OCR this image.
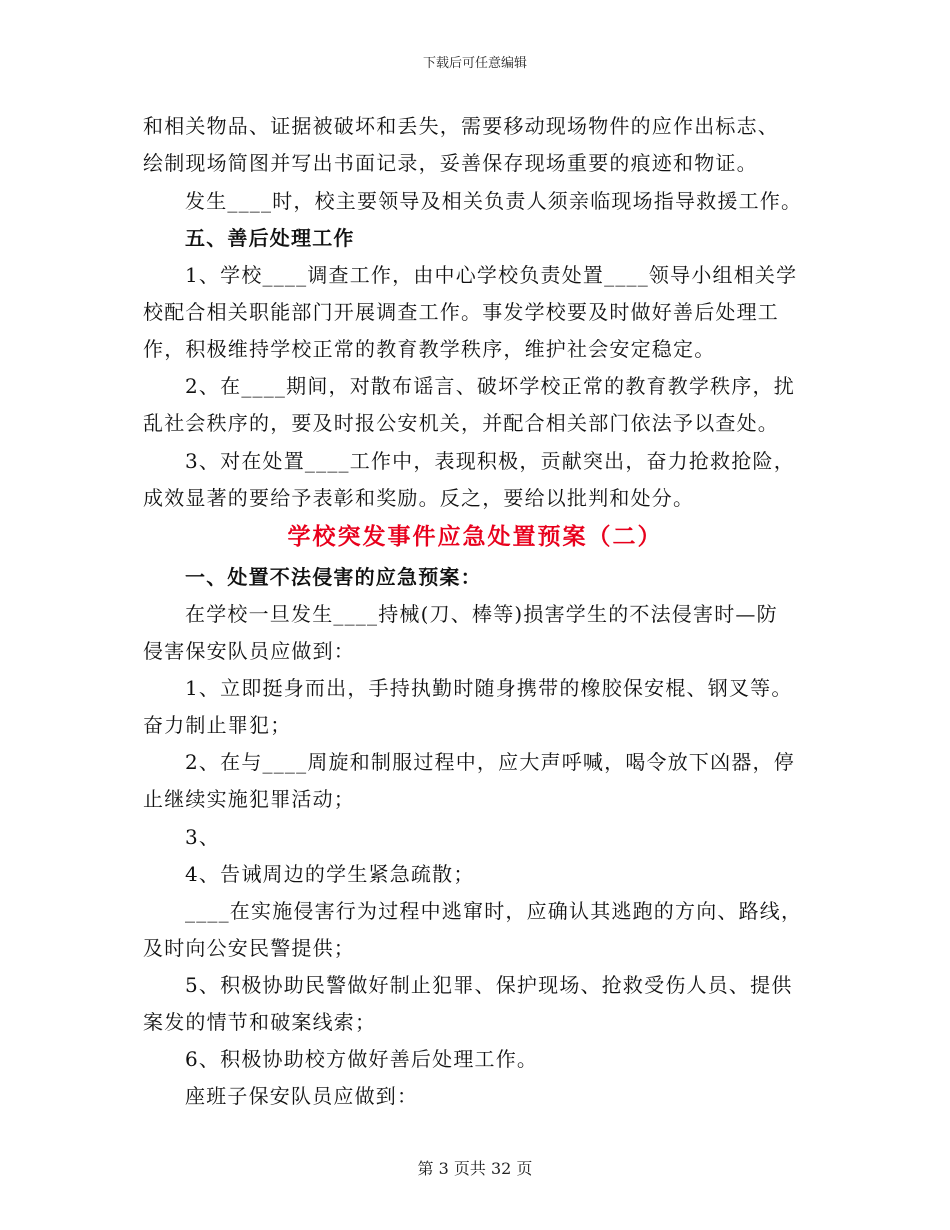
下载后可任意编辑
和相关物品、证据被破坏和丢失，需要移动现场物件的应作出标志、
绘制现场简图并写出书面记录，妥善保存现场重要的痕迹和物证。
发生____时，校主要领导及相关负责人须亲临现场指导救援工作。
五、善后处理工作
1、学校____调查工作，由中心学校负责处置____领导小组相关学
校配合相关职能部门开展调查工作。事发学校要及时做好善后处理工
作，积极维持学校正常的教育教学秩序，维护社会安定稳定。
2、在____期间，对散布谣言、破坏学校正常的教育教学秩序，扰
乱社会秩序的，要及时报公安机关，并配合相关部门依法予以查处。
3、对在处置____工作中，表现积极，贡献突出，奋力抢救抢险，
成效显著的要给予表彰和奖励。反之，要给以批判和处分。
学校突发事件应急处置预案（二）
一、处置不法侵害的应急预案：
在学校一旦发生____持械(刀、棒等)损害学生的不法侵害时—防
侵害保安队员应做到：
1、立即挺身而出，手持执勤时随身携带的橡胶保安棍、钢叉等。
奋力制止罪犯；
2、在与____周旋和制服过程中，应大声呼喊，喝令放下凶器，停
止继续实施犯罪活动；
3、
4、告诫周边的学生紧急疏散；
____在实施侵害行为过程中逃窜时，应确认其逃跑的方向、路线，
及时向公安民警提供；
5、积极协助民警做好制止犯罪、保护现场、抢救受伤人员、提供
案发的情节和破案线索；
6、积极协助校方做好善后处理工作。
座班子保安队员应做到：
第 3 页共 32 页
